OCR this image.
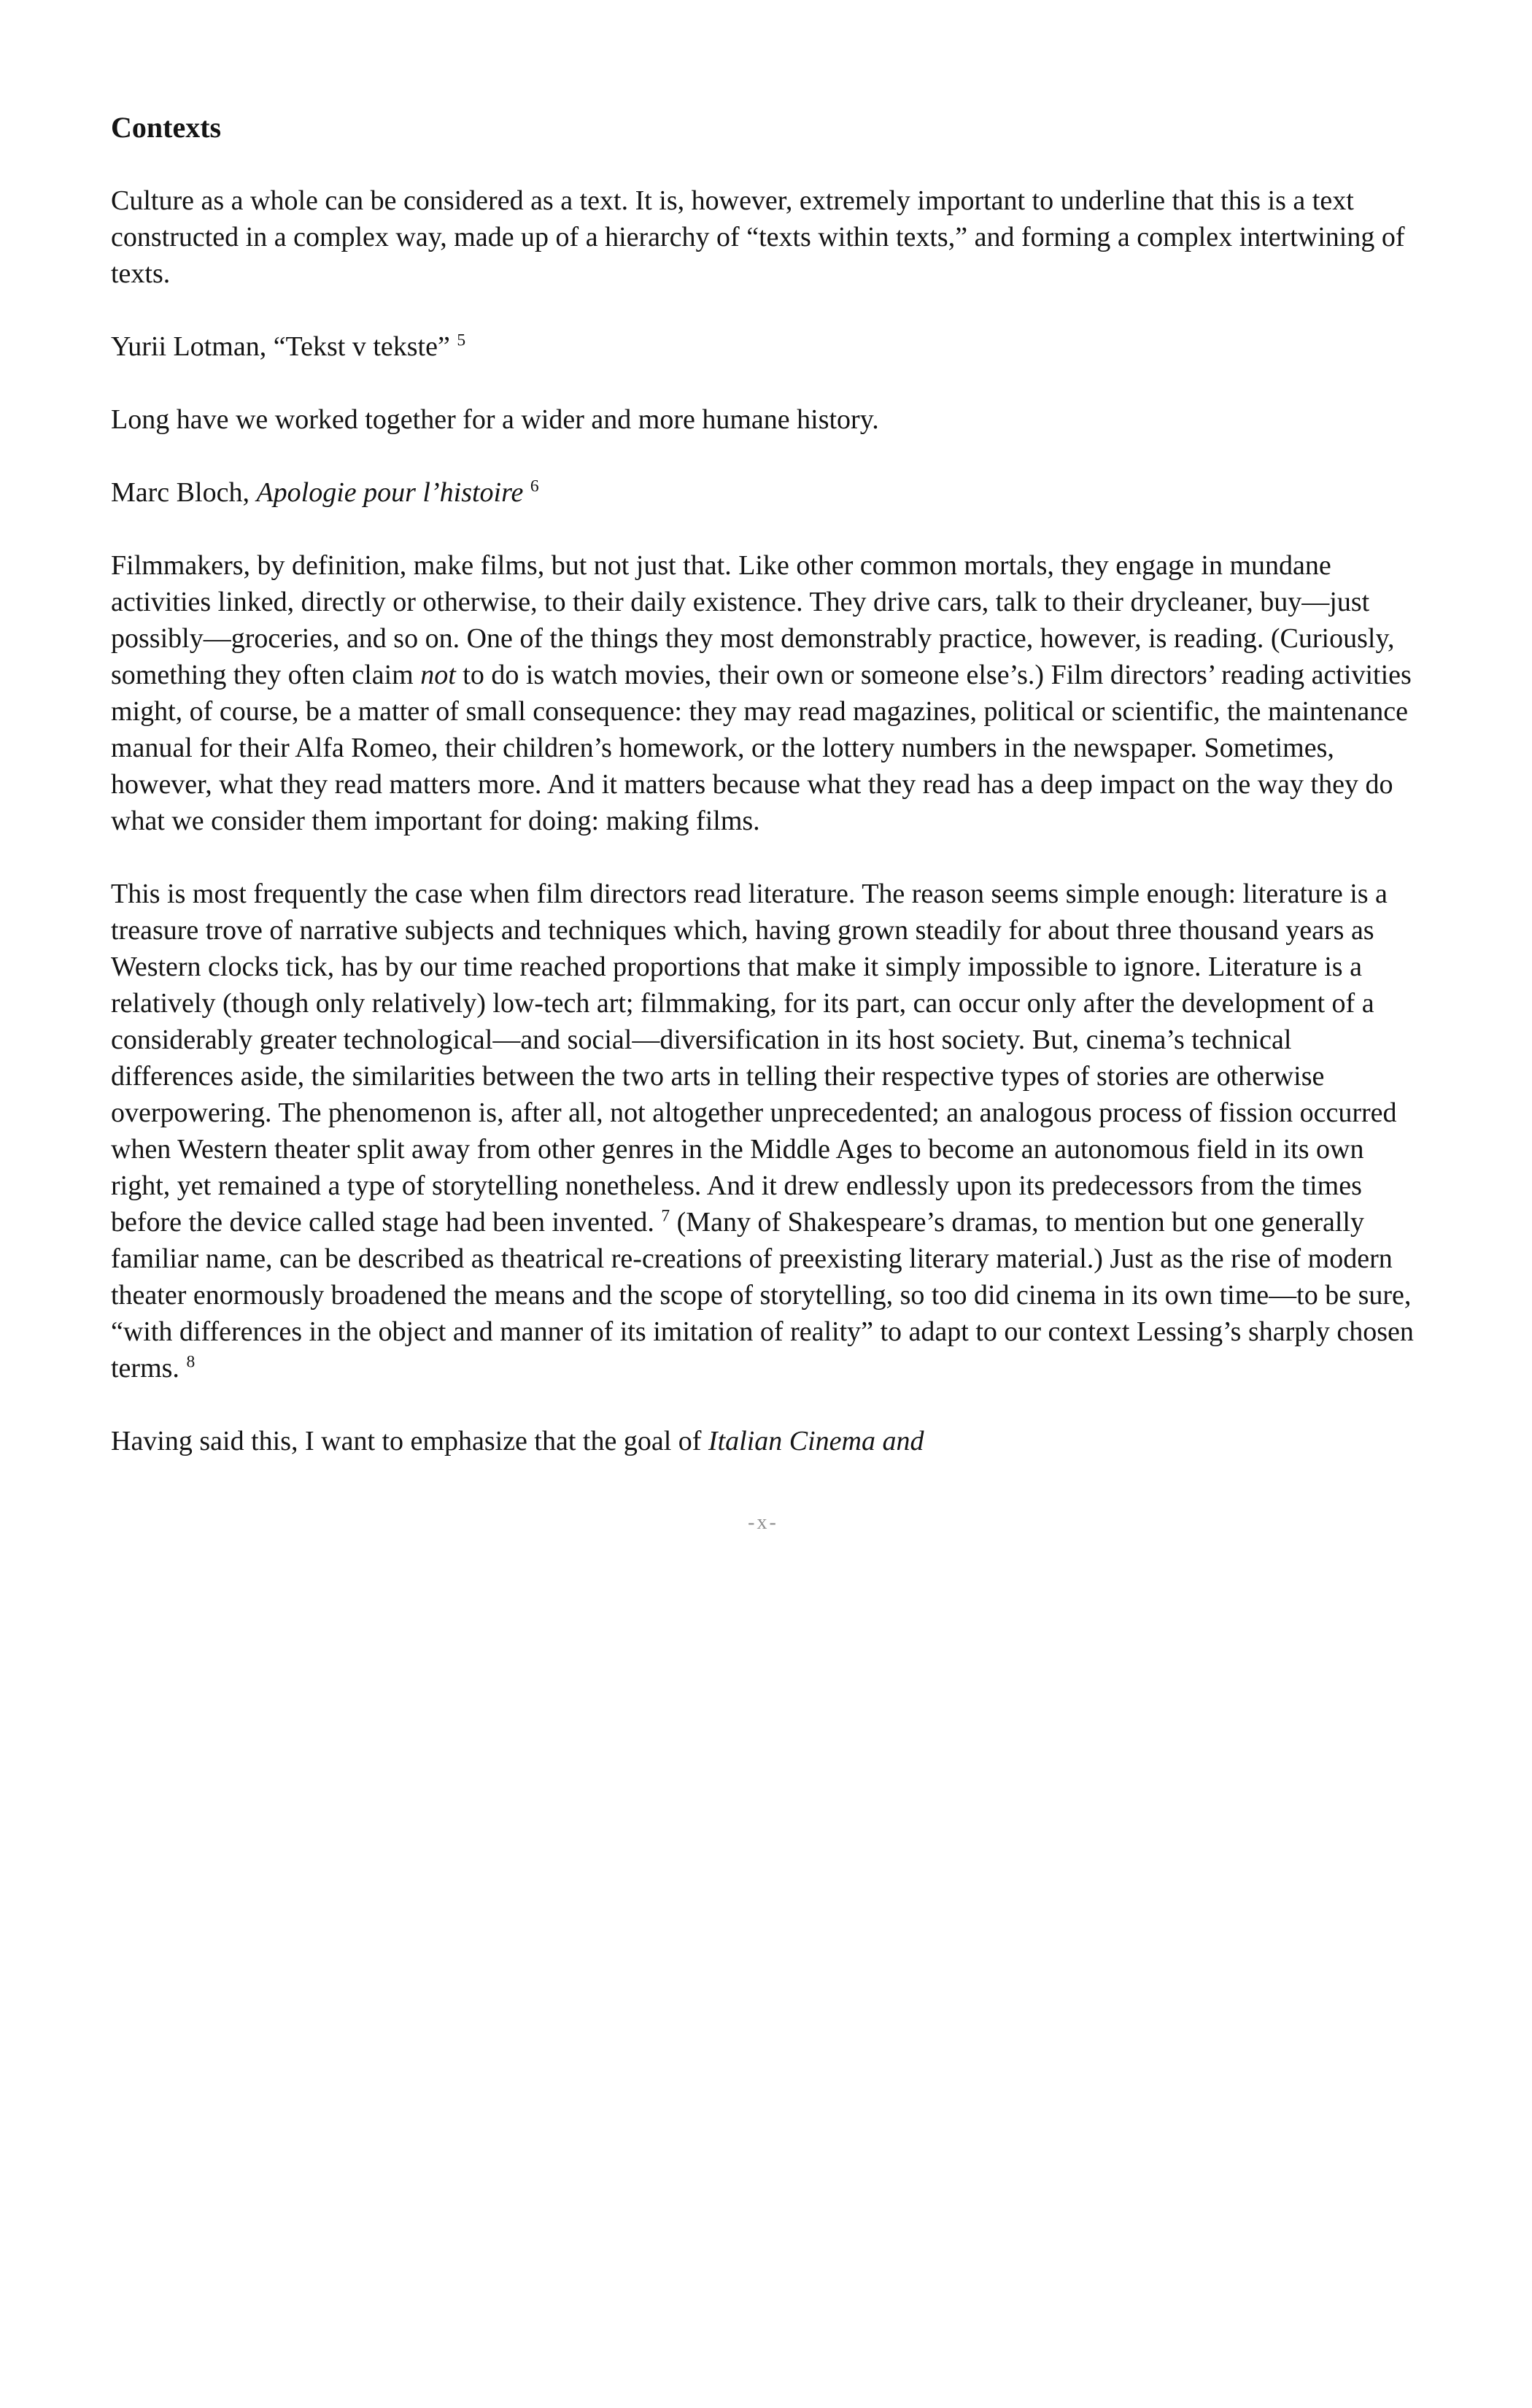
Contexts

Culture as a whole can be considered as a text. It is, however, extremely important to underline that this is a text constructed in a complex way, made up of a hierarchy of “texts within texts,” and forming a complex intertwining of texts.

Yurii Lotman, “Tekst v tekste” $^5$

Long have we worked together for a wider and more humane history.

Marc Bloch, Apologie pour l’histoire $^6$

Filmmakers, by definition, make films, but not just that. Like other common mortals, they engage in mundane activities linked, directly or otherwise, to their daily existence. They drive cars, talk to their drycleaner, buy—just possibly—groceries, and so on. One of the things they most demonstrably practice, however, is reading. (Curiously, something they often claim not to do is watch movies, their own or someone else’s.) Film directors’ reading activities might, of course, be a matter of small consequence: they may read magazines, political or scientific, the maintenance manual for their Alfa Romeo, their children’s homework, or the lottery numbers in the newspaper. Sometimes, however, what they read matters more. And it matters because what they read has a deep impact on the way they do what we consider them important for doing: making films.

This is most frequently the case when film directors read literature. The reason seems simple enough: literature is a treasure trove of narrative subjects and techniques which, having grown steadily for about three thousand years as Western clocks tick, has by our time reached proportions that make it simply impossible to ignore. Literature is a relatively (though only relatively) low-tech art; filmmaking, for its part, can occur only after the development of a considerably greater technological—and social—diversification in its host society. But, cinema’s technical differences aside, the similarities between the two arts in telling their respective types of stories are otherwise overpowering. The phenomenon is, after all, not altogether unprecedented; an analogous process of fission occurred when Western theater split away from other genres in the Middle Ages to become an autonomous field in its own right, yet remained a type of storytelling nonetheless. And it drew endlessly upon its predecessors from the times before the device called stage had been invented. $^7$ (Many of Shakespeare’s dramas, to mention but one generally familiar name, can be described as theatrical re-creations of preexisting literary material.) Just as the rise of modern theater enormously broadened the means and the scope of storytelling, so too did cinema in its own time—to be sure, “with differences in the object and manner of its imitation of reality” to adapt to our context Lessing’s sharply chosen terms. $^8$

Having said this, I want to emphasize that the goal of Italian Cinema and

-x-
